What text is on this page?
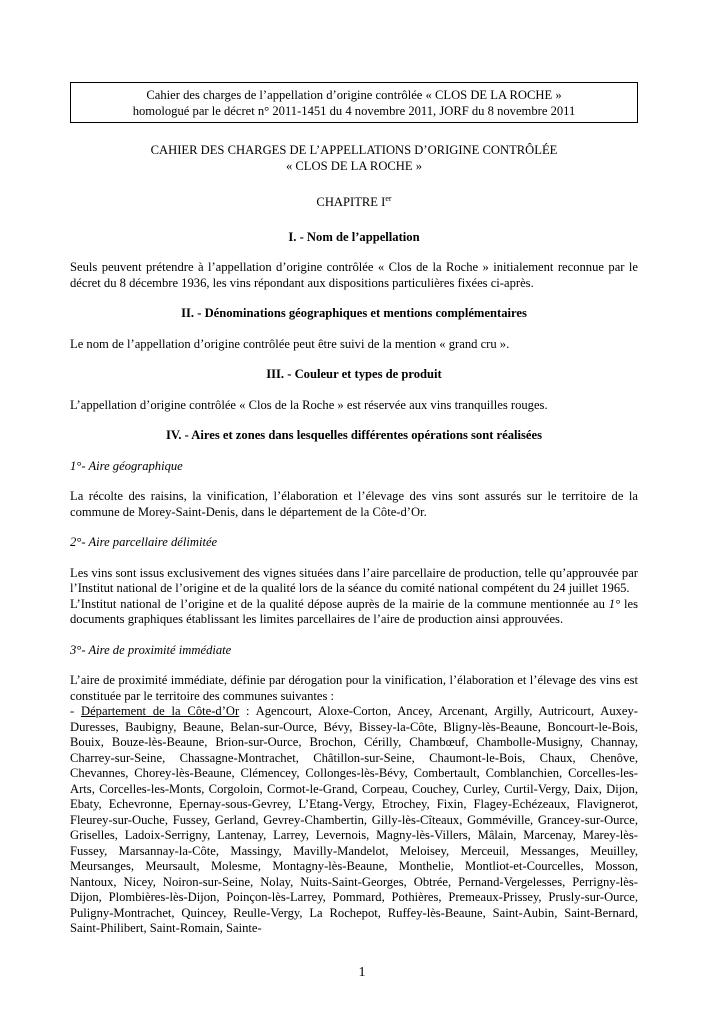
Cahier des charges de l’appellation d’origine contrôlée « CLOS DE LA ROCHE »
homologué par le décret n° 2011-1451 du 4 novembre 2011, JORF du 8 novembre 2011
CAHIER DES CHARGES DE L’APPELLATIONS D’ORIGINE CONTRÔLÉE
« CLOS DE LA ROCHE »
CHAPITRE Ier

I. - Nom de l’appellation

Seuls peuvent prétendre à l’appellation d’origine contrôlée « Clos de la Roche » initialement reconnue par le décret du 8 décembre 1936, les vins répondant aux dispositions particulières fixées ci-après.

II. - Dénominations géographiques et mentions complémentaires

Le nom de l’appellation d’origine contrôlée peut être suivi de la mention « grand cru ».

III. - Couleur et types de produit

L’appellation d’origine contrôlée « Clos de la Roche » est réservée aux vins tranquilles rouges.

IV. - Aires et zones dans lesquelles différentes opérations sont réalisées

1°- Aire géographique

La récolte des raisins, la vinification, l’élaboration et l’élevage des vins sont assurés sur le territoire de la commune de Morey-Saint-Denis, dans le département de la Côte-d’Or.

2°- Aire parcellaire délimitée

Les vins sont issus exclusivement des vignes situées dans l’aire parcellaire de production, telle qu’approuvée par l’Institut national de l’origine et de la qualité lors de la séance du comité national compétent du 24 juillet 1965.

L’Institut national de l’origine et de la qualité dépose auprès de la mairie de la commune mentionnée au 1° les documents graphiques établissant les limites parcellaires de l’aire de production ainsi approuvées.

3°- Aire de proximité immédiate

L’aire de proximité immédiate, définie par dérogation pour la vinification, l’élaboration et l’élevage des vins est constituée par le territoire des communes suivantes :

- Département de la Côte-d’Or : Agencourt, Aloxe-Corton, Ancey, Arcenant, Argilly, Autricourt, Auxey-Duresses, Baubigny, Beaune, Belan-sur-Ource, Bévy, Bissey-la-Côte, Bligny-lès-Beaune, Boncourt-le-Bois, Bouix, Bouze-lès-Beaune, Brion-sur-Ource, Brochon, Cérilly, Chambœuf, Chambolle-Musigny, Channay, Charrey-sur-Seine, Chassagne-Montrachet, Châtillon-sur-Seine, Chaumont-le-Bois, Chaux, Chenôve, Chevannes, Chorey-lès-Beaune, Clémencey, Collonges-lès-Bévy, Combertault, Comblanchien, Corcelles-les-Arts, Corcelles-les-Monts, Corgoloin, Cormot-le-Grand, Corpeau, Couchey, Curley, Curtil-Vergy, Daix, Dijon, Ebaty, Echevronne, Epernay-sous-Gevrey, L’Etang-Vergy, Etrochey, Fixin, Flagey-Echézeaux, Flavignerot, Fleurey-sur-Ouche, Fussey, Gerland, Gevrey-Chambertin, Gilly-lès-Cîteaux, Gomméville, Grancey-sur-Ource, Griselles, Ladoix-Serrigny, Lantenay, Larrey, Levernois, Magny-lès-Villers, Mâlain, Marcenay, Marey-lès-Fussey, Marsannay-la-Côte, Massingy, Mavilly-Mandelot, Meloisey, Merceuil, Messanges, Meuilley, Meursanges, Meursault, Molesme, Montagny-lès-Beaune, Monthelie, Montliot-et-Courcelles, Mosson, Nantoux, Nicey, Noiron-sur-Seine, Nolay, Nuits-Saint-Georges, Obtrée, Pernand-Vergelesses, Perrigny-lès-Dijon, Plombières-lès-Dijon, Poinçon-lès-Larrey, Pommard, Pothières, Premeaux-Prissey, Prusly-sur-Ource, Puligny-Montrachet, Quincey, Reulle-Vergy, La Rochepot, Ruffey-lès-Beaune, Saint-Aubin, Saint-Bernard, Saint-Philibert, Saint-Romain, Sainte-

1
